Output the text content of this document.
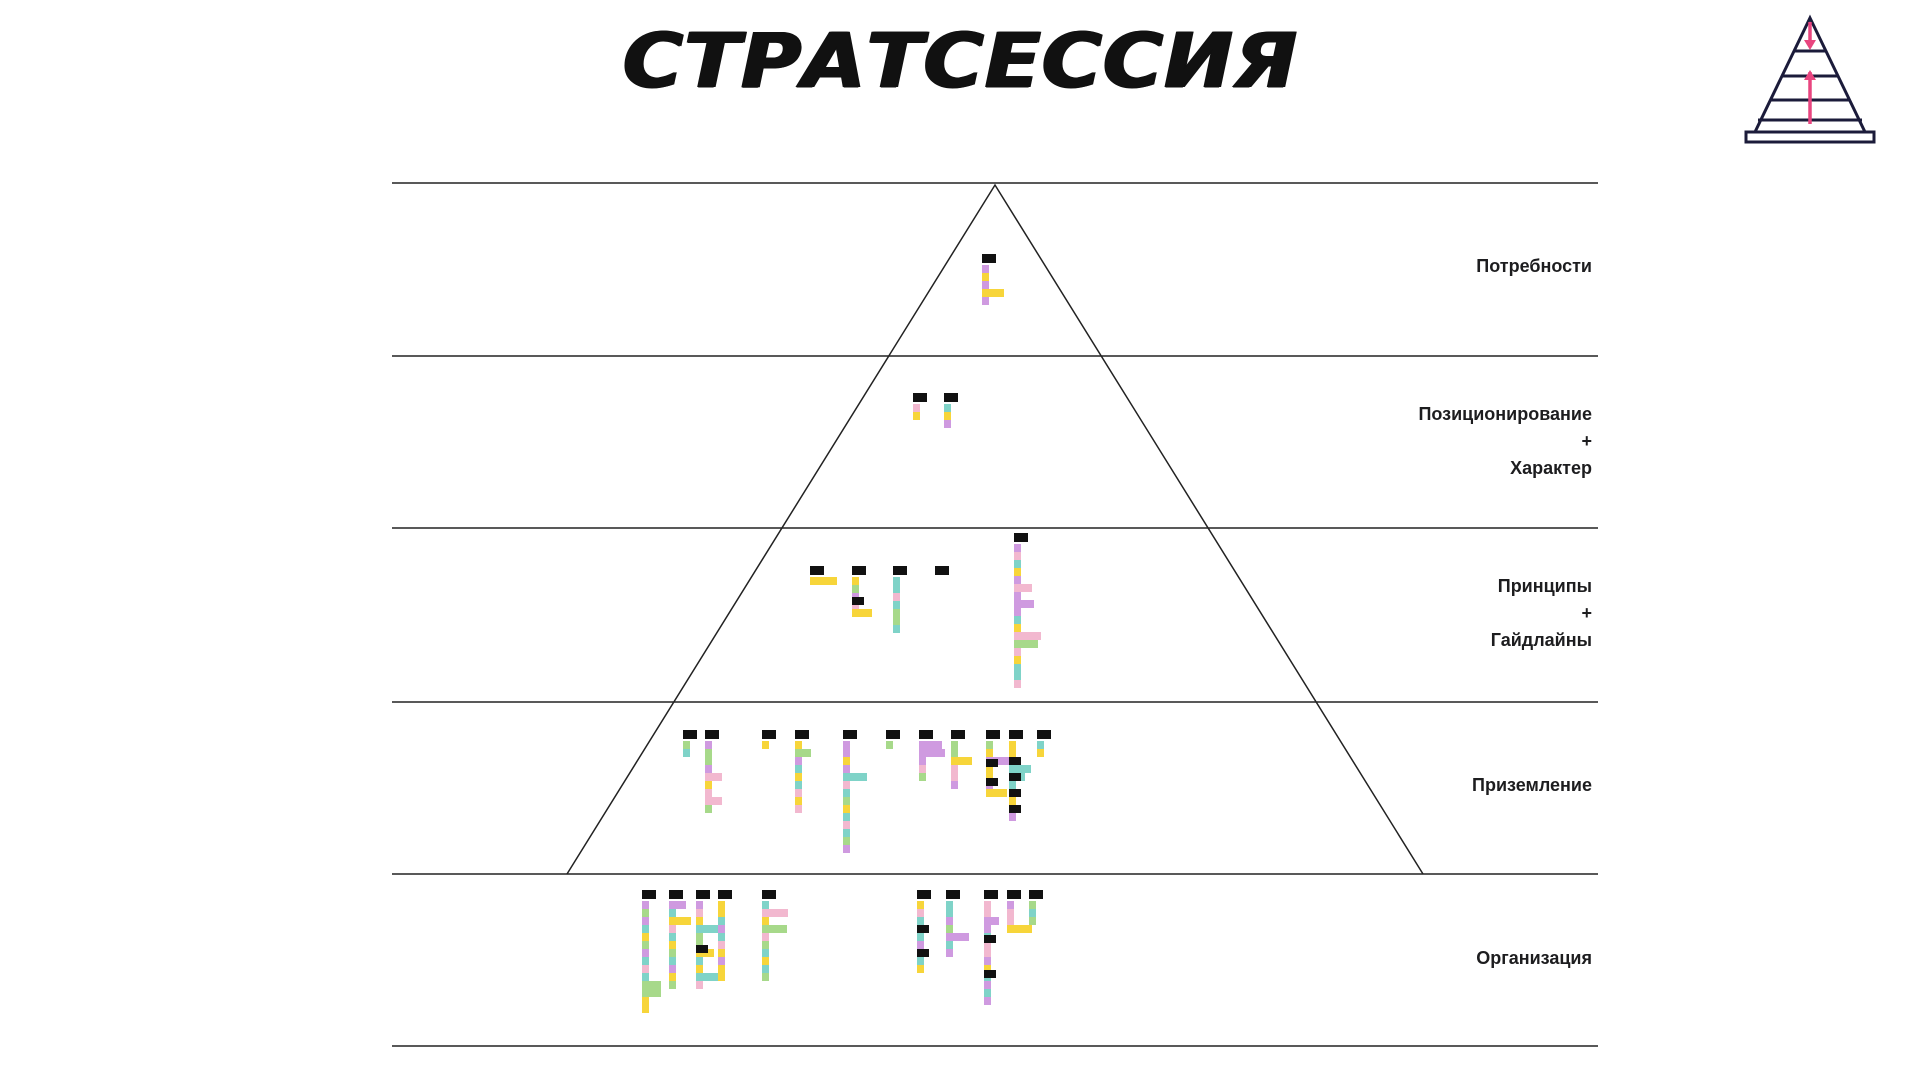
СТРАТСЕССИЯ
Потребности
Позиционирование
+
Характер
Принципы
+
Гайдлайны
Приземление
Организация
